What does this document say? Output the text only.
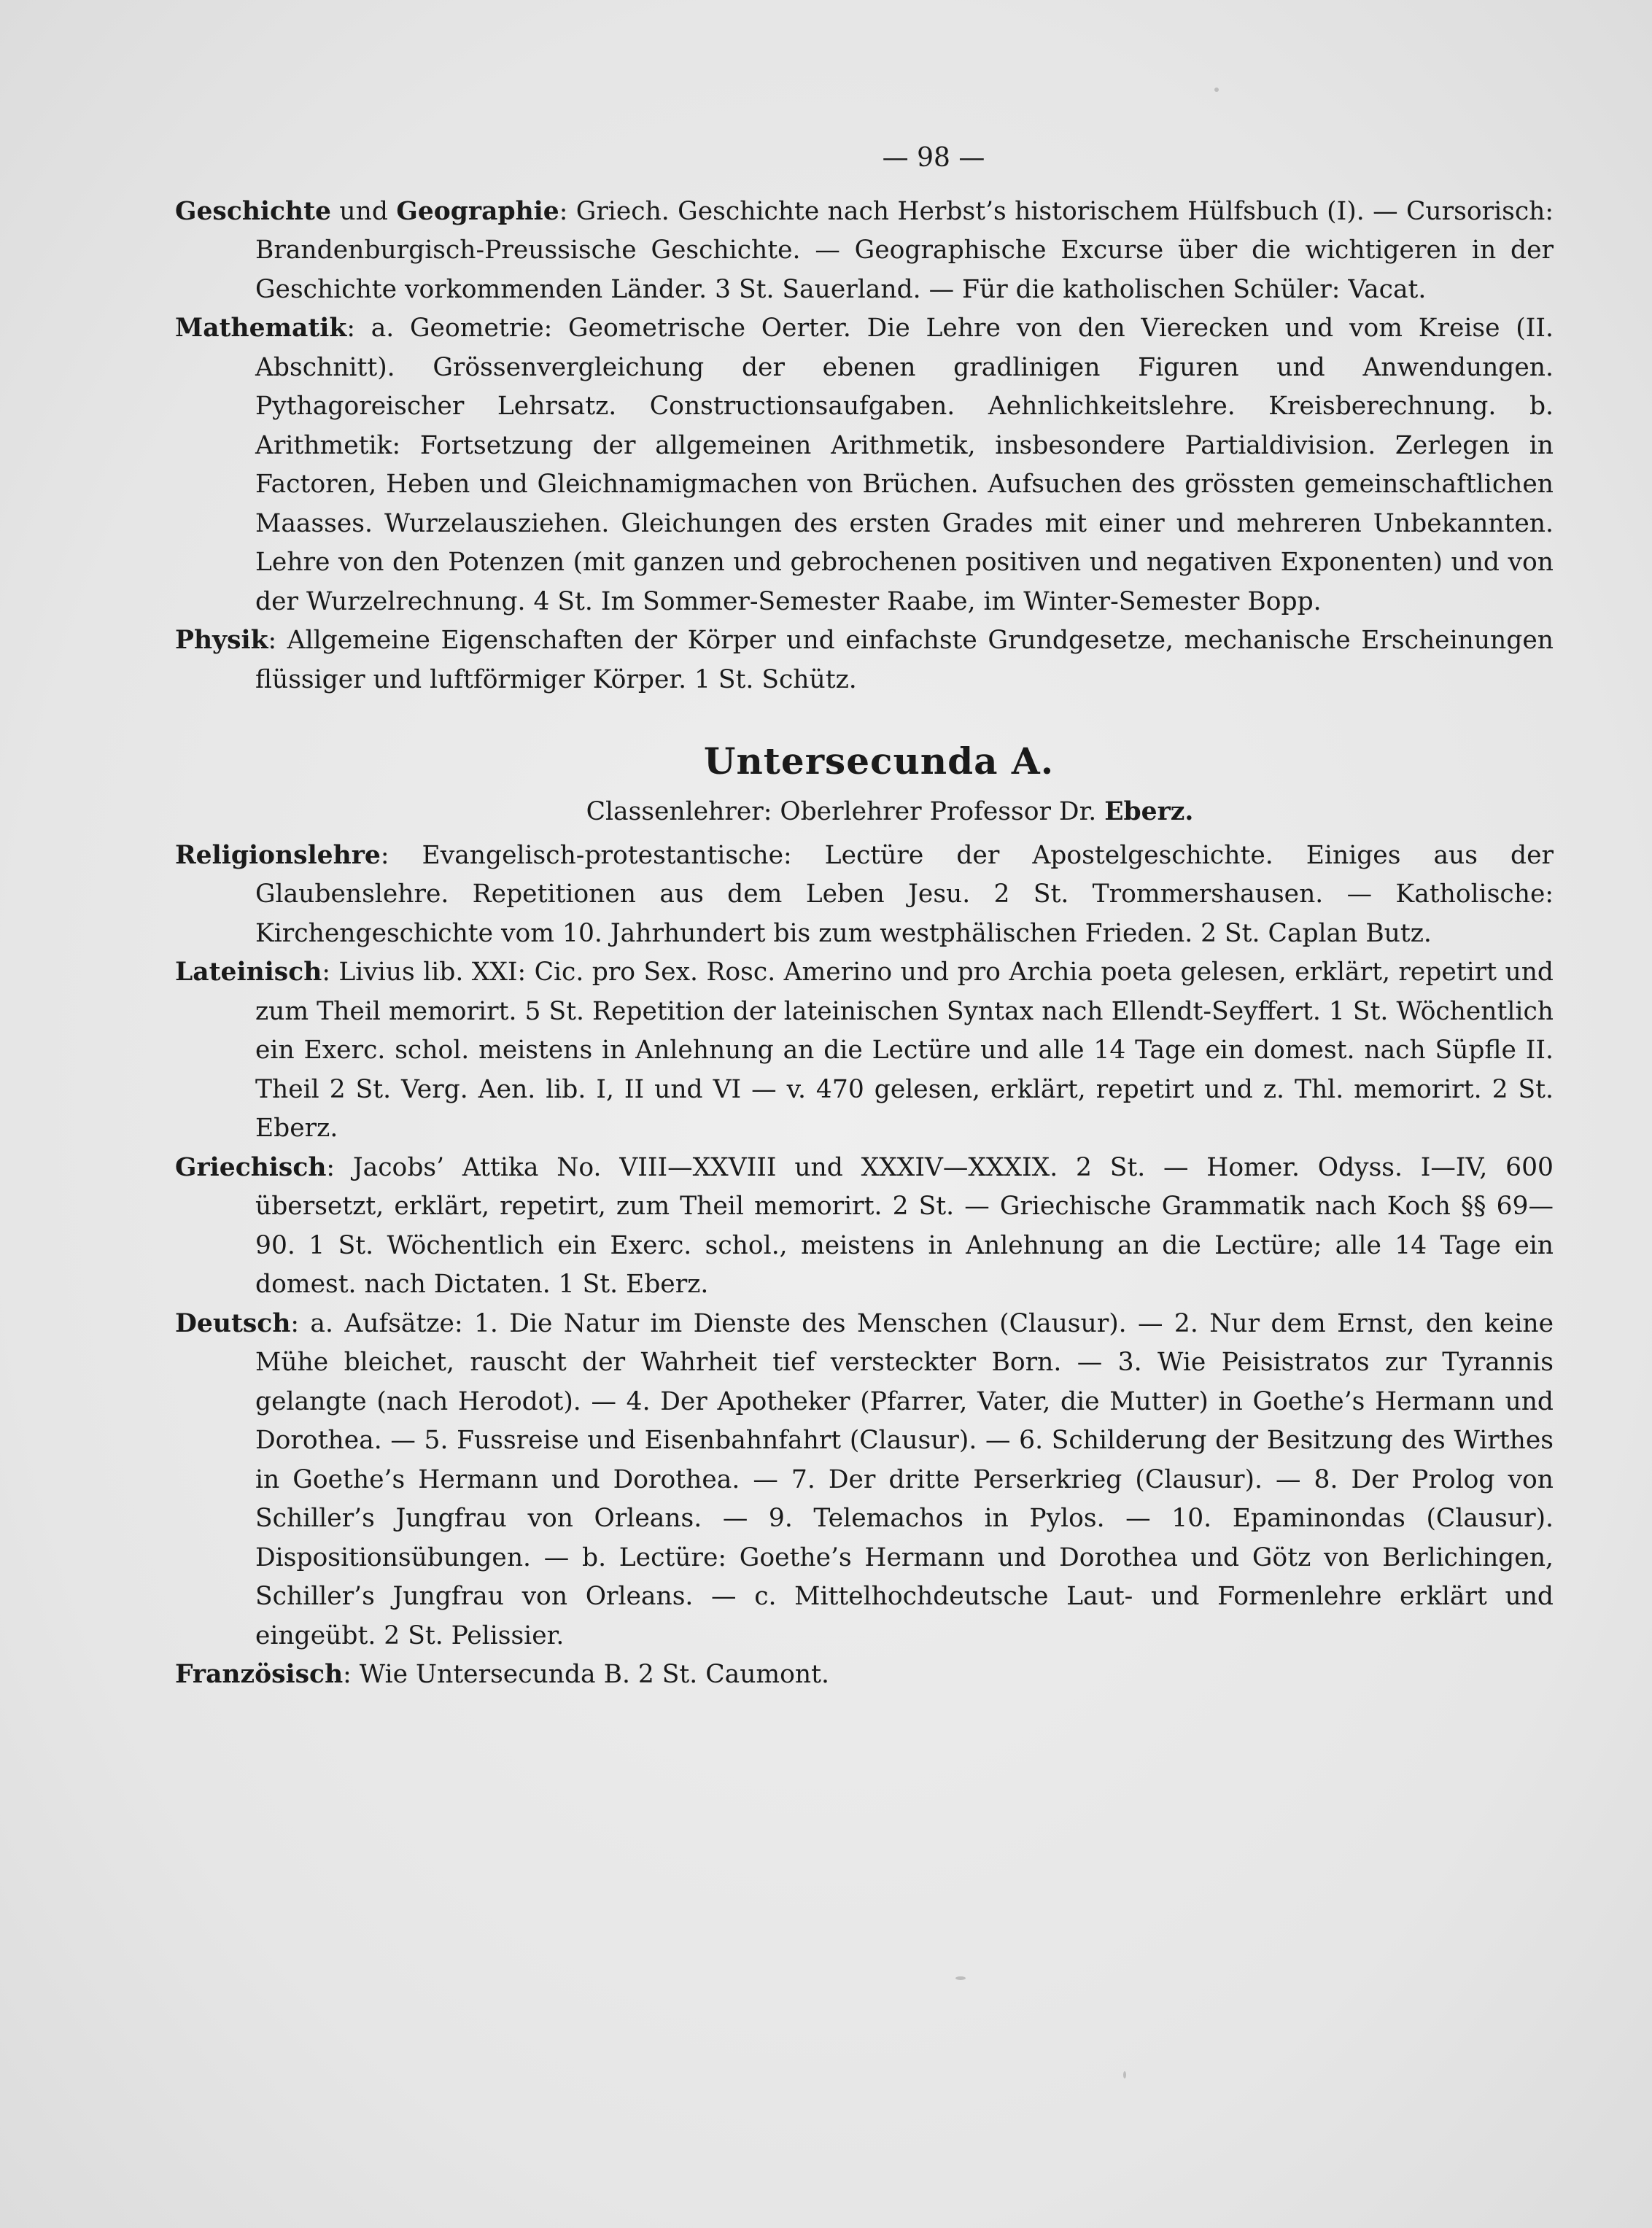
— 98 —

Geschichte und Geographie: Griech. Geschichte nach Herbst’s historischem Hülfsbuch (I). — Cursorisch: Brandenburgisch-Preussische Geschichte. — Geographische Excurse über die wichtigeren in der Geschichte vorkommenden Länder. 3 St. Sauerland. — Für die katholischen Schüler: Vacat.

Mathematik: a. Geometrie: Geometrische Oerter. Die Lehre von den Vierecken und vom Kreise (II. Abschnitt). Grössenvergleichung der ebenen gradlinigen Figuren und Anwendungen. Pythagoreischer Lehrsatz. Constructionsaufgaben. Aehnlichkeitslehre. Kreisberechnung. b. Arithmetik: Fortsetzung der allgemeinen Arithmetik, insbesondere Partialdivision. Zerlegen in Factoren, Heben und Gleichnamigmachen von Brüchen. Aufsuchen des grössten gemeinschaftlichen Maasses. Wurzelausziehen. Gleichungen des ersten Grades mit einer und mehreren Unbekannten. Lehre von den Potenzen (mit ganzen und gebrochenen positiven und negativen Exponenten) und von der Wurzelrechnung. 4 St. Im Sommer-Semester Raabe, im Winter-Semester Bopp.

Physik: Allgemeine Eigenschaften der Körper und einfachste Grundgesetze, mechanische Erscheinungen flüssiger und luftförmiger Körper. 1 St. Schütz.

Untersecunda A.
Classenlehrer: Oberlehrer Professor Dr. Eberz.

Religionslehre: Evangelisch-protestantische: Lectüre der Apostelgeschichte. Einiges aus der Glaubenslehre. Repetitionen aus dem Leben Jesu. 2 St. Trommershausen. — Katholische: Kirchengeschichte vom 10. Jahrhundert bis zum westphälischen Frieden. 2 St. Caplan Butz.

Lateinisch: Livius lib. XXI: Cic. pro Sex. Rosc. Amerino und pro Archia poeta gelesen, erklärt, repetirt und zum Theil memorirt. 5 St. Repetition der lateinischen Syntax nach Ellendt-Seyffert. 1 St. Wöchentlich ein Exerc. schol. meistens in Anlehnung an die Lectüre und alle 14 Tage ein domest. nach Süpfle II. Theil 2 St. Verg. Aen. lib. I, II und VI — v. 470 gelesen, erklärt, repetirt und z. Thl. memorirt. 2 St. Eberz.

Griechisch: Jacobs’ Attika No. VIII—XXVIII und XXXIV—XXXIX. 2 St. — Homer. Odyss. I—IV, 600 übersetzt, erklärt, repetirt, zum Theil memorirt. 2 St. — Griechische Grammatik nach Koch §§ 69—90. 1 St. Wöchentlich ein Exerc. schol., meistens in Anlehnung an die Lectüre; alle 14 Tage ein domest. nach Dictaten. 1 St. Eberz.

Deutsch: a. Aufsätze: 1. Die Natur im Dienste des Menschen (Clausur). — 2. Nur dem Ernst, den keine Mühe bleichet, rauscht der Wahrheit tief versteckter Born. — 3. Wie Peisistratos zur Tyrannis gelangte (nach Herodot). — 4. Der Apotheker (Pfarrer, Vater, die Mutter) in Goethe’s Hermann und Dorothea. — 5. Fussreise und Eisenbahnfahrt (Clausur). — 6. Schilderung der Besitzung des Wirthes in Goethe’s Hermann und Dorothea. — 7. Der dritte Perserkrieg (Clausur). — 8. Der Prolog von Schiller’s Jungfrau von Orleans. — 9. Telemachos in Pylos. — 10. Epaminondas (Clausur). Dispositionsübungen. — b. Lectüre: Goethe’s Hermann und Dorothea und Götz von Berlichingen, Schiller’s Jungfrau von Orleans. — c. Mittelhochdeutsche Laut- und Formenlehre erklärt und eingeübt. 2 St. Pelissier.

Französisch: Wie Untersecunda B. 2 St. Caumont.
